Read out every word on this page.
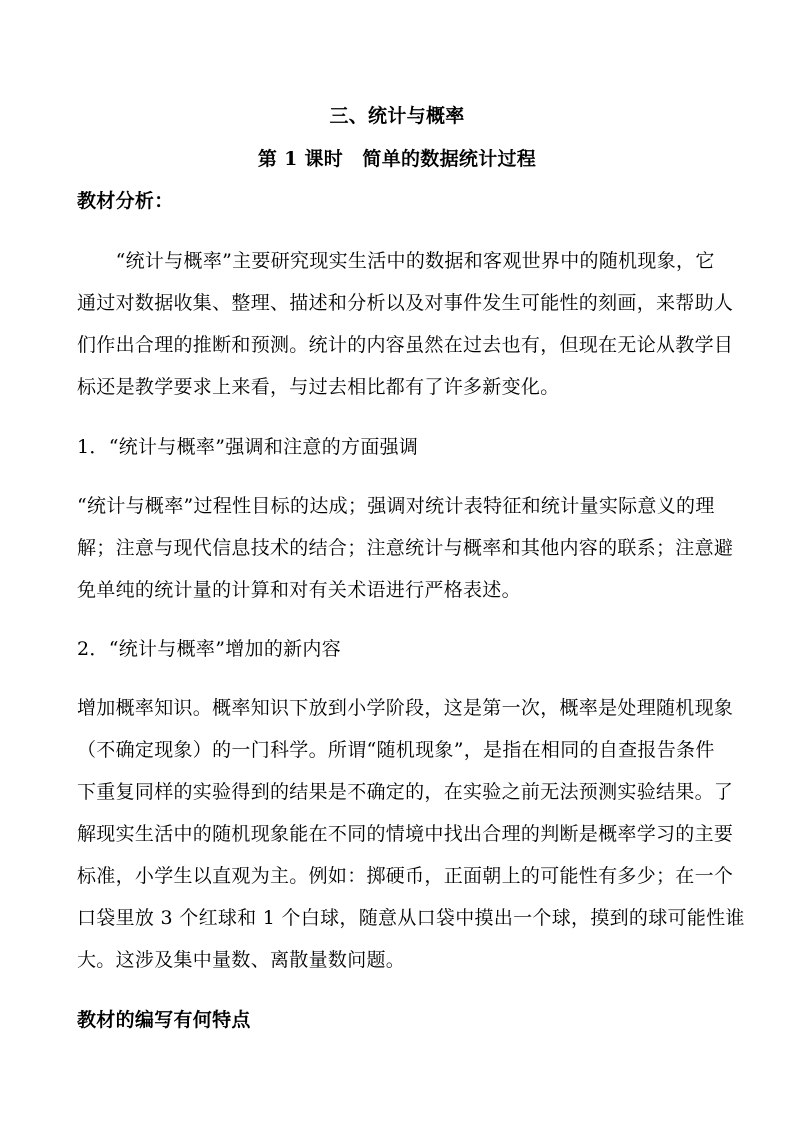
三、统计与概率
第 1 课时　简单的数据统计过程
教材分析：
　　“统计与概率”主要研究现实生活中的数据和客观世界中的随机现象，它
通过对数据收集、整理、描述和分析以及对事件发生可能性的刻画，来帮助人
们作出合理的推断和预测。统计的内容虽然在过去也有，但现在无论从教学目
标还是教学要求上来看，与过去相比都有了许多新变化。
1．“统计与概率”强调和注意的方面强调
“统计与概率”过程性目标的达成；强调对统计表特征和统计量实际意义的理
解；注意与现代信息技术的结合；注意统计与概率和其他内容的联系；注意避
免单纯的统计量的计算和对有关术语进行严格表述。
2．“统计与概率”增加的新内容
增加概率知识。概率知识下放到小学阶段，这是第一次，概率是处理随机现象
（不确定现象）的一门科学。所谓“随机现象”，是指在相同的自查报告条件
下重复同样的实验得到的结果是不确定的，在实验之前无法预测实验结果。了
解现实生活中的随机现象能在不同的情境中找出合理的判断是概率学习的主要
标准，小学生以直观为主。例如：掷硬币，正面朝上的可能性有多少；在一个
口袋里放 3 个红球和 1 个白球，随意从口袋中摸出一个球，摸到的球可能性谁
大。这涉及集中量数、离散量数问题。
教材的编写有何特点
